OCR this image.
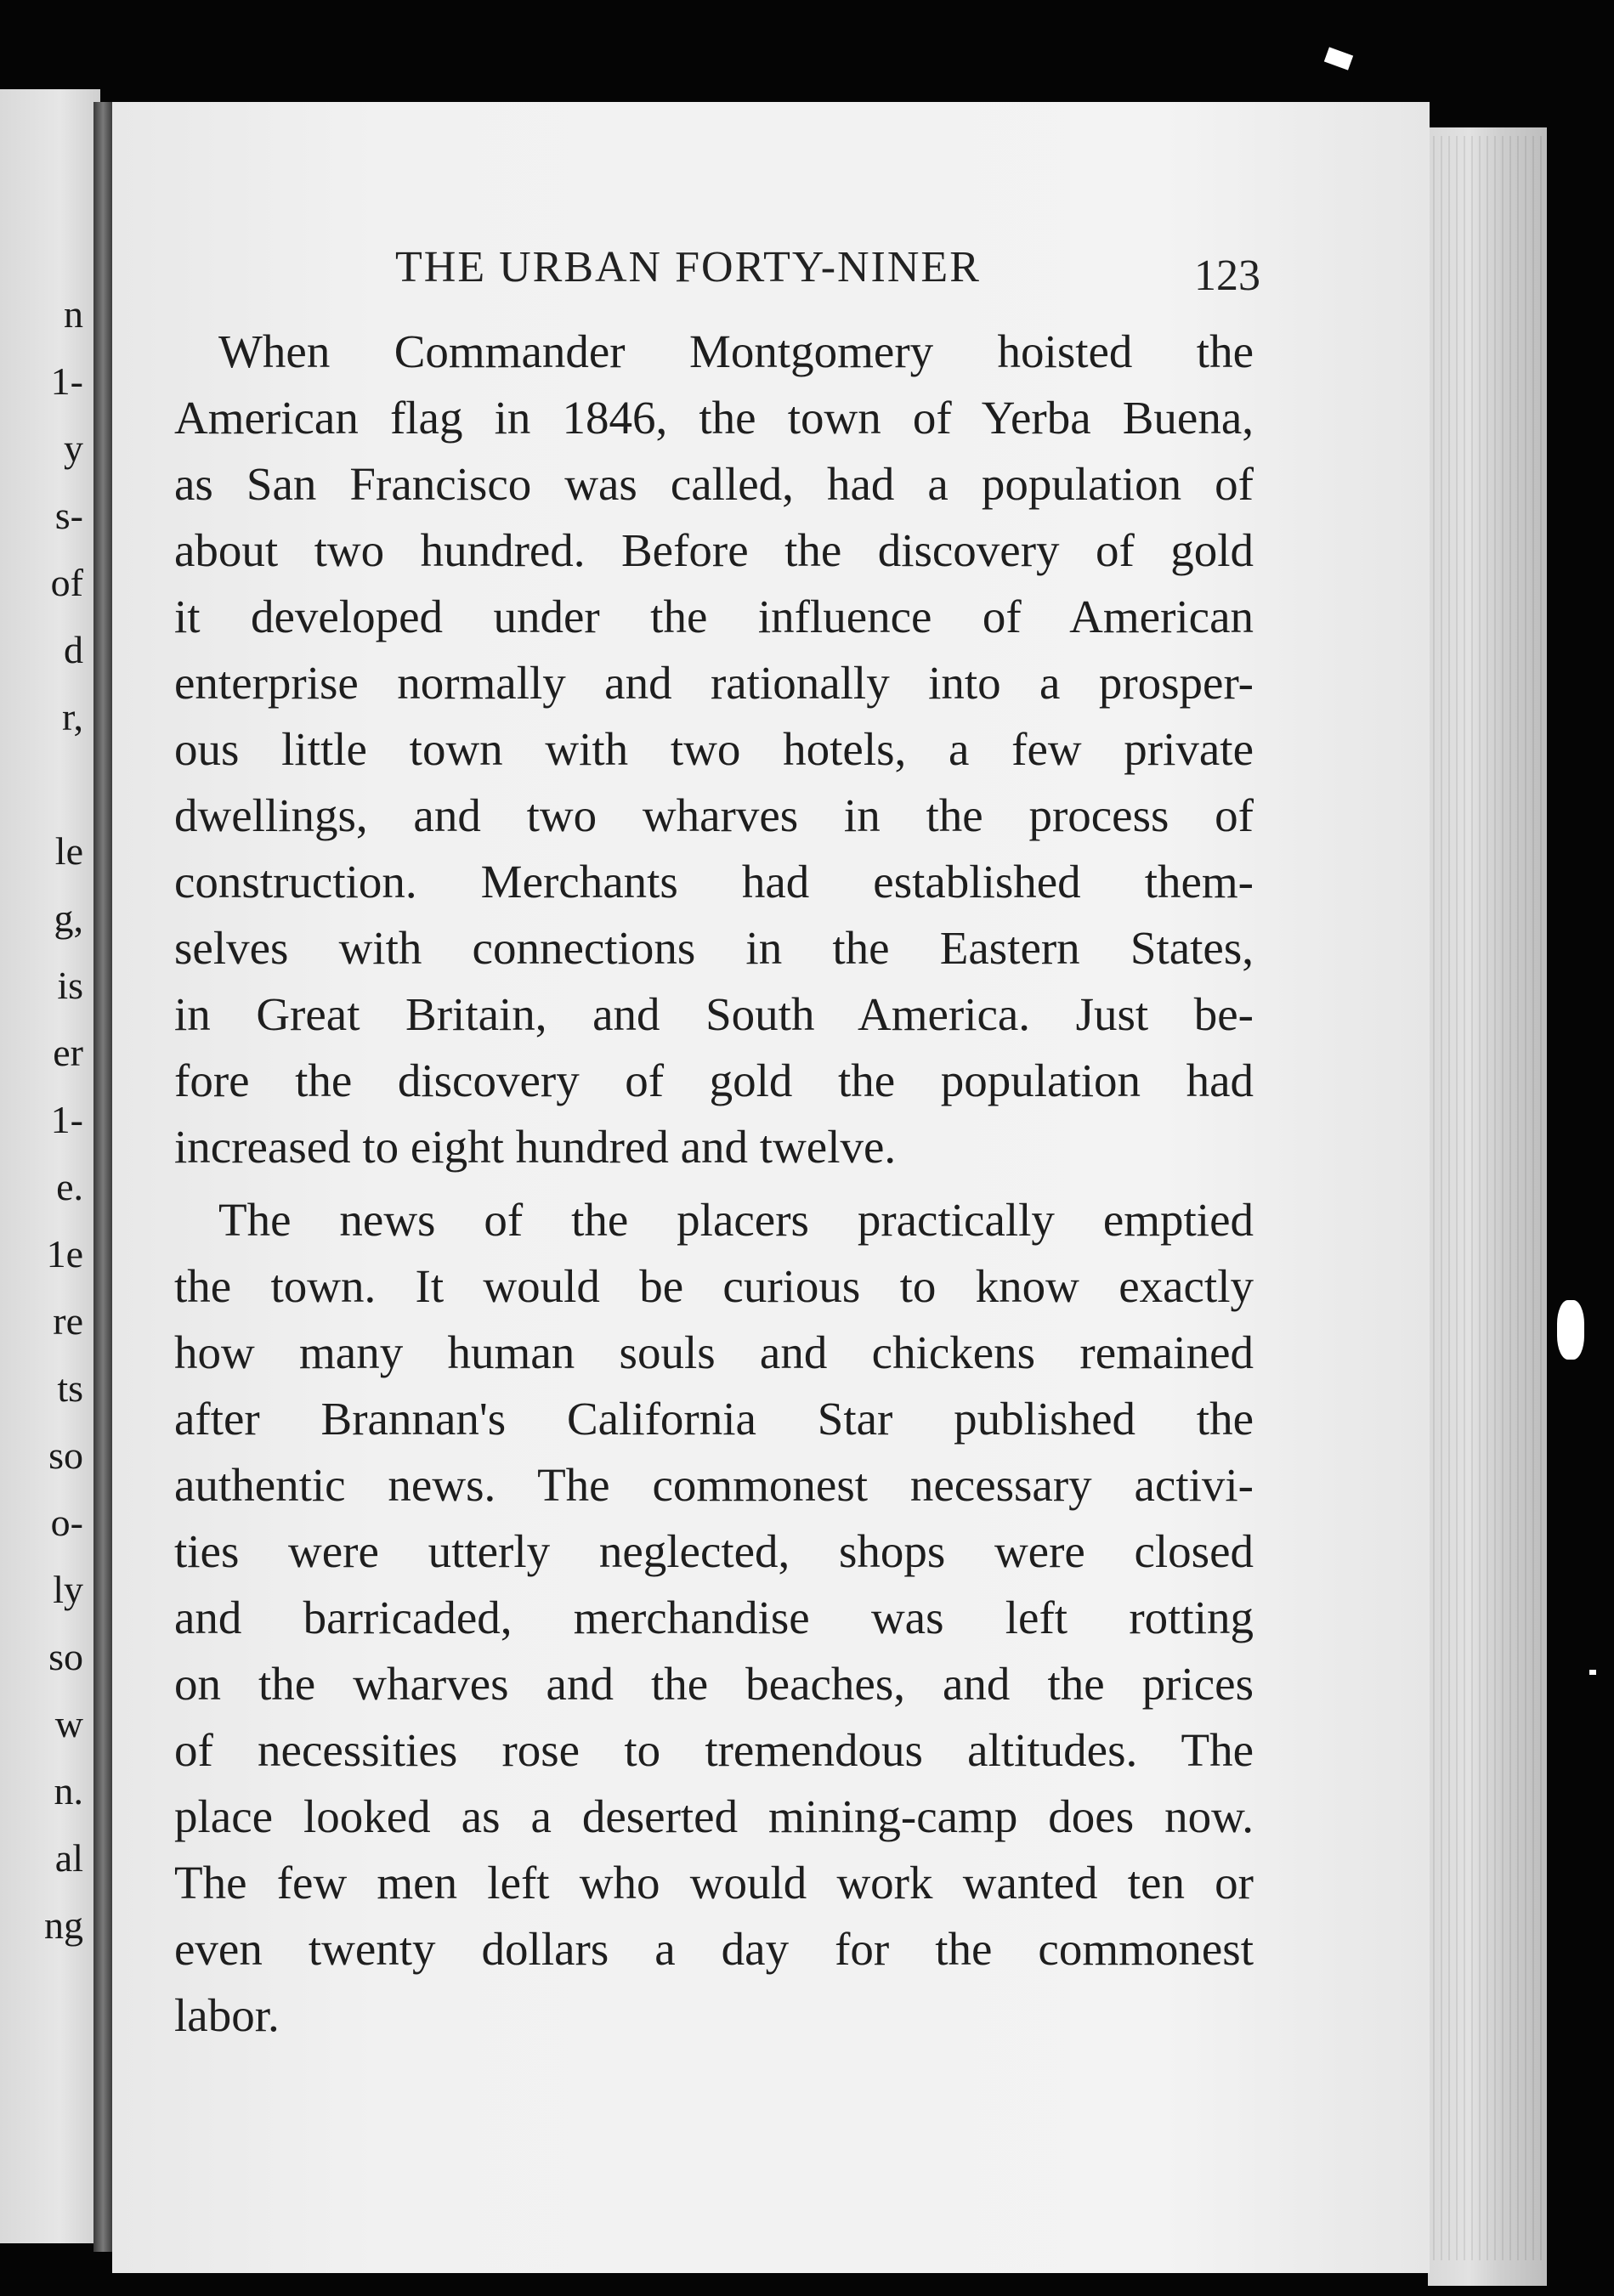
n
1-
y
s-
of
d
r,

le
g,
is
er
1-
e.
1e
re
ts
so
o-
ly
so
w
n.
al
ng
THE URBAN FORTY-NINER	123
When Commander Montgomery hoisted the
American flag in 1846, the town of Yerba Buena,
as San Francisco was called, had a population of
about two hundred. Before the discovery of gold
it developed under the influence of American
enterprise normally and rationally into a prosper-
ous little town with two hotels, a few private
dwellings, and two wharves in the process of
construction. Merchants had established them-
selves with connections in the Eastern States,
in Great Britain, and South America. Just be-
fore the discovery of gold the population had
increased to eight hundred and twelve.
The news of the placers practically emptied
the town. It would be curious to know exactly
how many human souls and chickens remained
after Brannan's California Star published the
authentic news. The commonest necessary activi-
ties were utterly neglected, shops were closed
and barricaded, merchandise was left rotting
on the wharves and the beaches, and the prices
of necessities rose to tremendous altitudes. The
place looked as a deserted mining-camp does now.
The few men left who would work wanted ten or
even twenty dollars a day for the commonest
labor.
